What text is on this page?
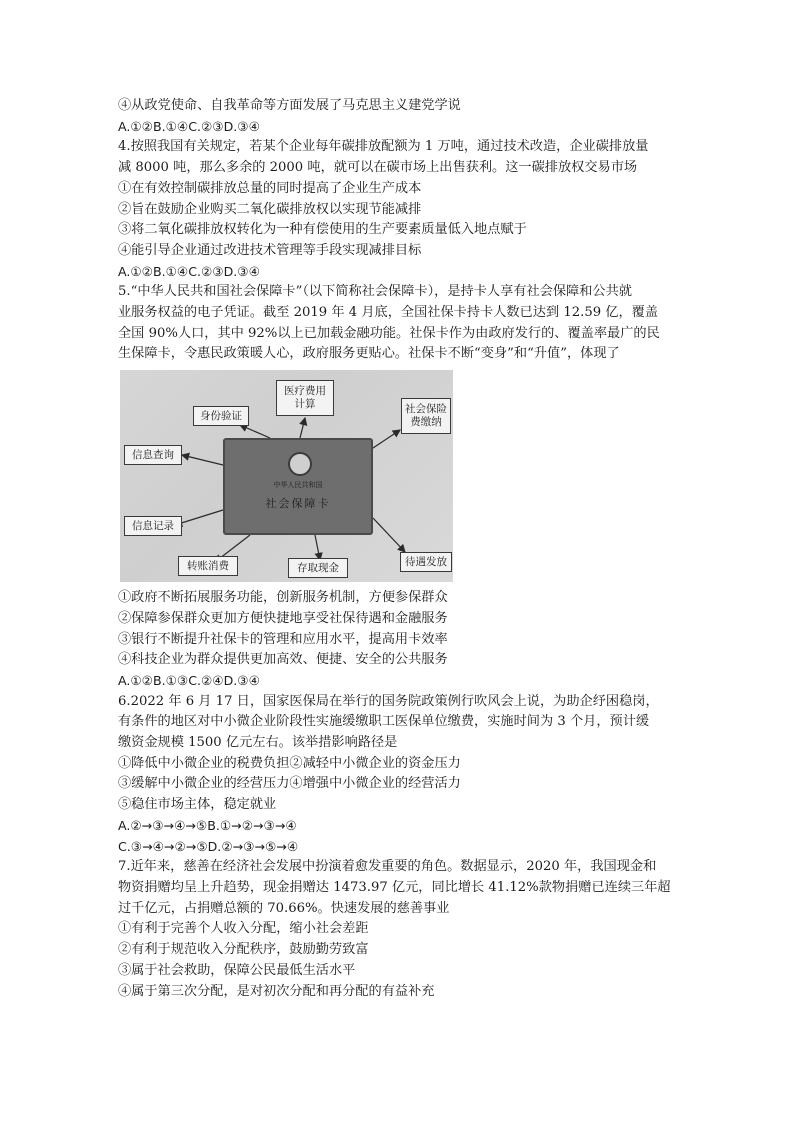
④从政党使命、自我革命等方面发展了马克思主义建党学说

A.①②B.①④C.②③D.③④

4.按照我国有关规定，若某个企业每年碳排放配额为 1 万吨，通过技术改造，企业碳排放量

减 8000 吨，那么多余的 2000 吨，就可以在碳市场上出售获利。这一碳排放权交易市场

①在有效控制碳排放总量的同时提高了企业生产成本

②旨在鼓励企业购买二氧化碳排放权以实现节能减排

③将二氧化碳排放权转化为一种有偿使用的生产要素质量低入地点赋于

④能引导企业通过改进技术管理等手段实现减排目标

A.①②B.①④C.②③D.③④

5.“中华人民共和国社会保障卡”（以下简称社会保障卡），是持卡人享有社会保障和公共就

业服务权益的电子凭证。截至 2019 年 4 月底，全国社保卡持卡人数已达到 12.59 亿，覆盖

全国 90%人口，其中 92%以上已加载金融功能。社保卡作为由政府发行的、覆盖率最广的民

生保障卡，令惠民政策暖人心，政府服务更贴心。社保卡不断“变身”和“升值”，体现了

身份验证
医疗费用计算	社会保险费缴纳
信息查询
信息记录
转账消费	存取现金	待遇发放
中华人民共和国
社会保障卡

①政府不断拓展服务功能，创新服务机制，方便参保群众

②保障参保群众更加方便快捷地享受社保待遇和金融服务

③银行不断提升社保卡的管理和应用水平，提高用卡效率

④科技企业为群众提供更加高效、便捷、安全的公共服务

A.①②B.①③C.②④D.③④

6.2022 年 6 月 17 日，国家医保局在举行的国务院政策例行吹风会上说，为助企纾困稳岗，

有条件的地区对中小微企业阶段性实施缓缴职工医保单位缴费，实施时间为 3 个月，预计缓

缴资金规模 1500 亿元左右。该举措影响路径是

①降低中小微企业的税费负担②减轻中小微企业的资金压力

③缓解中小微企业的经营压力④增强中小微企业的经营活力

⑤稳住市场主体，稳定就业

A.②→③→④→⑤B.①→②→③→④

C.③→④→②→⑤D.②→③→⑤→④

7.近年来，慈善在经济社会发展中扮演着愈发重要的角色。数据显示，2020 年，我国现金和

物资捐赠均呈上升趋势，现金捐赠达 1473.97 亿元，同比增长 41.12%款物捐赠已连续三年超

过千亿元，占捐赠总额的 70.66%。快速发展的慈善事业

①有利于完善个人收入分配，缩小社会差距

②有利于规范收入分配秩序，鼓励勤劳致富

③属于社会救助，保障公民最低生活水平

④属于第三次分配，是对初次分配和再分配的有益补充
